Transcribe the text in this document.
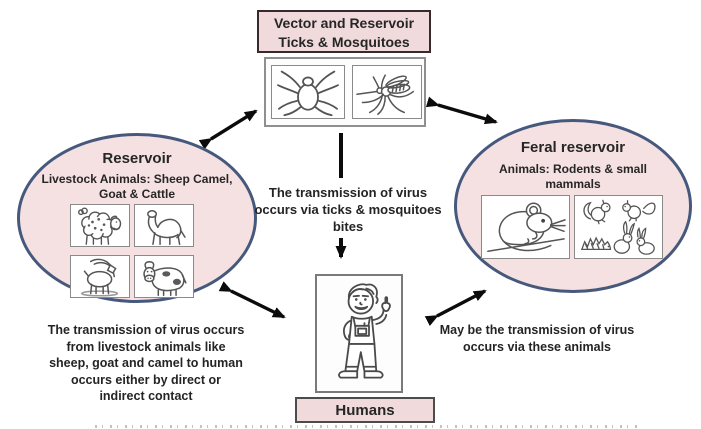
Vector and Reservoir
Ticks & Mosquitoes
Reservoir
Livestock Animals: Sheep Camel,
Goat & Cattle
Feral reservoir
Animals: Rodents & small
mammals
The transmission of virus
occurs via ticks & mosquitoes
bites
Humans
The transmission of virus occurs
from livestock animals like
sheep, goat and camel to human
occurs either by direct or
indirect contact
May be the transmission of virus
occurs via these animals
